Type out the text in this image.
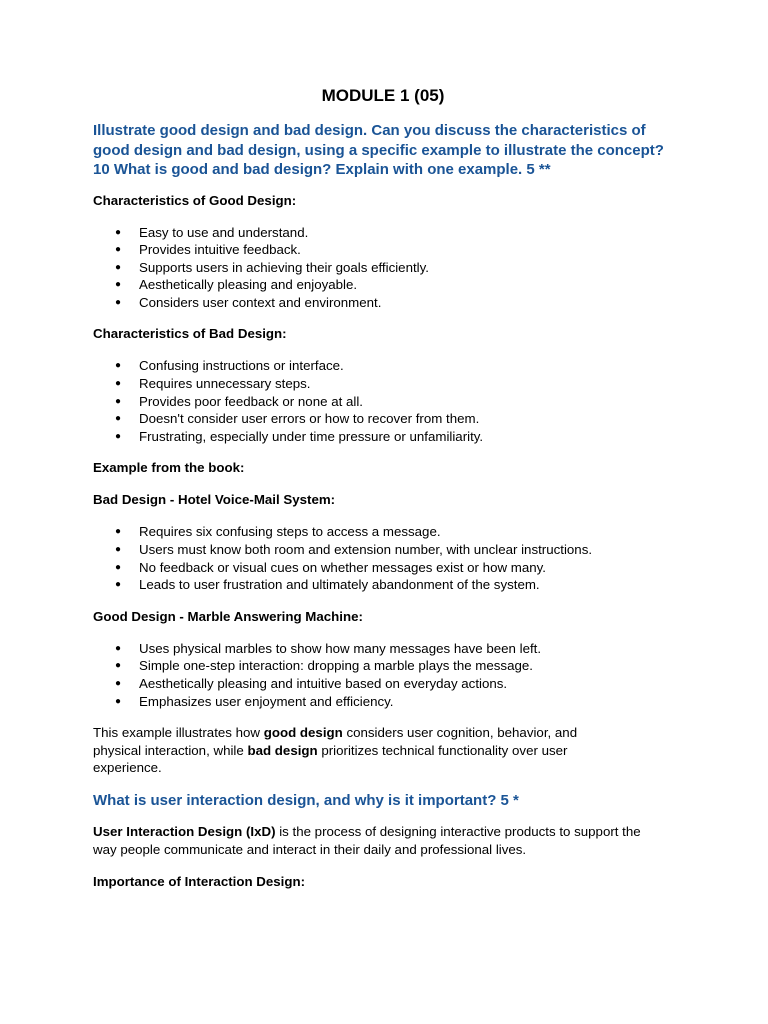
MODULE 1 (05)
Illustrate good design and bad design. Can you discuss the characteristics of good design and bad design, using a specific example to illustrate the concept? 10 What is good and bad design? Explain with one example. 5 **
Characteristics of Good Design:
● Easy to use and understand.
● Provides intuitive feedback.
● Supports users in achieving their goals efficiently.
● Aesthetically pleasing and enjoyable.
● Considers user context and environment.
Characteristics of Bad Design:
● Confusing instructions or interface.
● Requires unnecessary steps.
● Provides poor feedback or none at all.
● Doesn't consider user errors or how to recover from them.
● Frustrating, especially under time pressure or unfamiliarity.
Example from the book:
Bad Design - Hotel Voice-Mail System:
● Requires six confusing steps to access a message.
● Users must know both room and extension number, with unclear instructions.
● No feedback or visual cues on whether messages exist or how many.
● Leads to user frustration and ultimately abandonment of the system.
Good Design - Marble Answering Machine:
● Uses physical marbles to show how many messages have been left.
● Simple one-step interaction: dropping a marble plays the message.
● Aesthetically pleasing and intuitive based on everyday actions.
● Emphasizes user enjoyment and efficiency.

This example illustrates how good design considers user cognition, behavior, and physical interaction, while bad design prioritizes technical functionality over user experience.

What is user interaction design, and why is it important? 5 *

User Interaction Design (IxD) is the process of designing interactive products to support the way people communicate and interact in their daily and professional lives.

Importance of Interaction Design:
